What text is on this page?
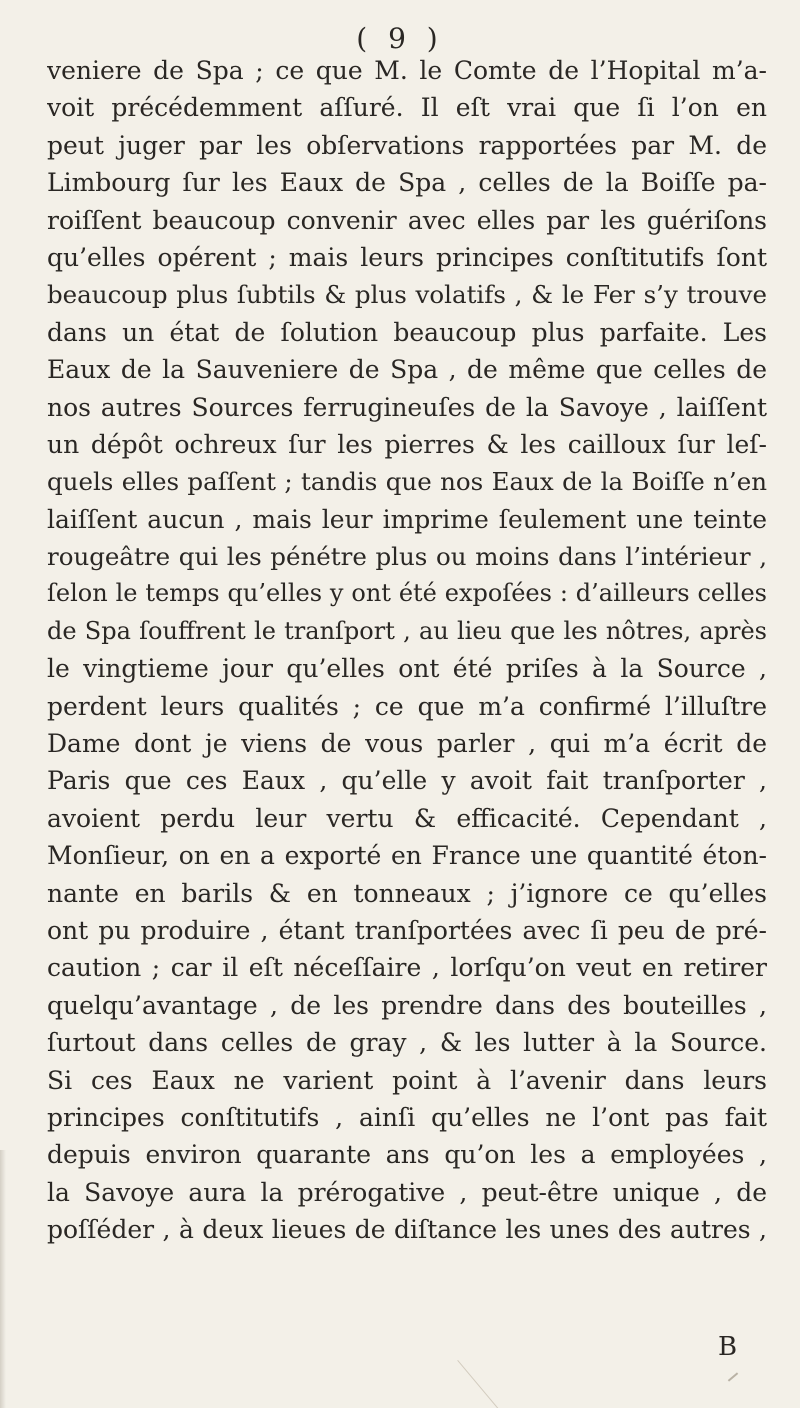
( 9 )
veniere de Spa ; ce que M. le Comte de l’Hopital m’a-
voit précédemment aſſuré. Il eſt vrai que ſi l’on en
peut juger par les obſervations rapportées par M. de
Limbourg ſur les Eaux de Spa , celles de la Boiſſe pa-
roiſſent beaucoup convenir avec elles par les guériſons
qu’elles opérent ; mais leurs principes conſtitutifs ſont
beaucoup plus ſubtils & plus volatifs , & le Fer s’y trouve
dans un état de ſolution beaucoup plus parfaite. Les
Eaux de la Sauveniere de Spa , de même que celles de
nos autres Sources ferrugineuſes de la Savoye , laiſſent
un dépôt ochreux ſur les pierres & les cailloux ſur leſ-
quels elles paſſent ; tandis que nos Eaux de la Boiſſe n’en
laiſſent aucun , mais leur imprime ſeulement une teinte
rougeâtre qui les pénétre plus ou moins dans l’intérieur ,
ſelon le temps qu’elles y ont été expoſées : d’ailleurs celles
de Spa ſouffrent le tranſport , au lieu que les nôtres, après
le vingtieme jour qu’elles ont été priſes à la Source ,
perdent leurs qualités ; ce que m’a confirmé l’illuſtre
Dame dont je viens de vous parler , qui m’a écrit de
Paris que ces Eaux , qu’elle y avoit fait tranſporter ,
avoient perdu leur vertu & efficacité. Cependant ,
Monſieur, on en a exporté en France une quantité éton-
nante en barils & en tonneaux ; j’ignore ce qu’elles
ont pu produire , étant tranſportées avec ſi peu de pré-
caution ; car il eſt néceſſaire , lorſqu’on veut en retirer
quelqu’avantage , de les prendre dans des bouteilles ,
ſurtout dans celles de gray , & les lutter à la Source.
Si ces Eaux ne varient point à l’avenir dans leurs
principes conſtitutifs , ainſi qu’elles ne l’ont pas fait
depuis environ quarante ans qu’on les a employées ,
la Savoye aura la prérogative , peut-être unique , de
poſſéder , à deux lieues de diſtance les unes des autres ,
B
